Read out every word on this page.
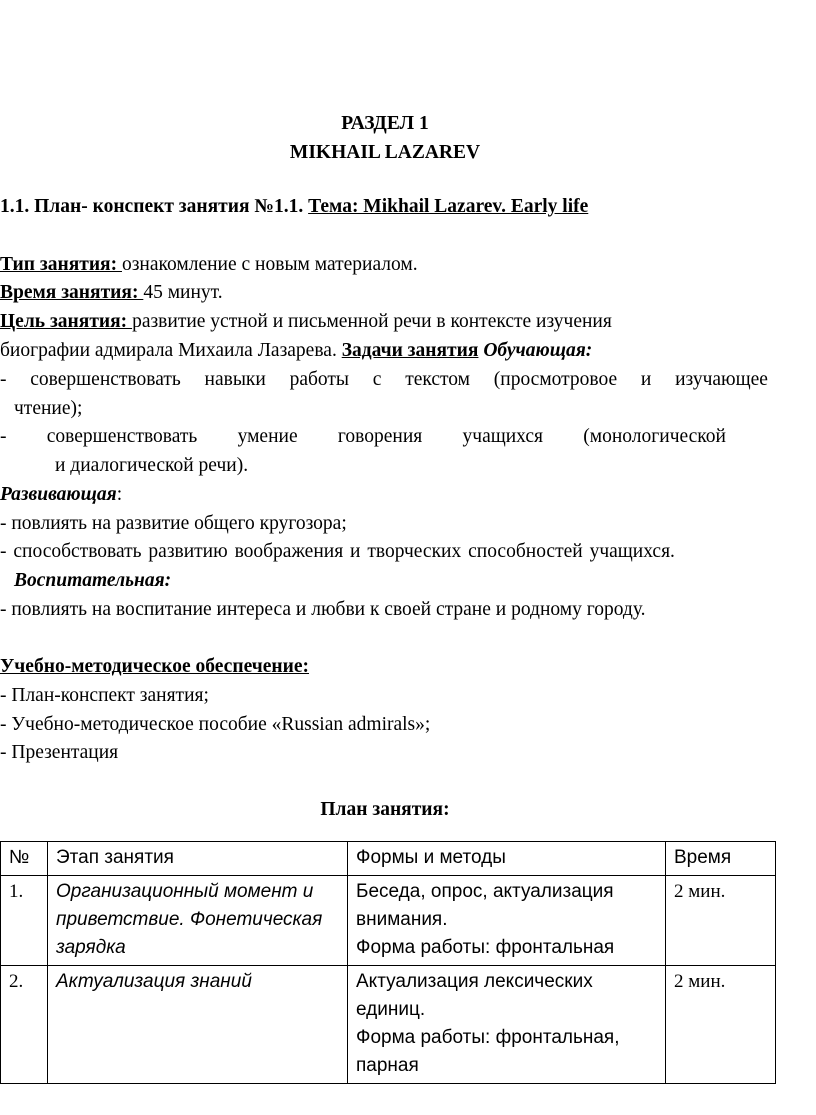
РАЗДЕЛ 1
MIKHAIL LAZAREV
1.1. План- конспект занятия №1.1. Тема: Mikhail Lazarev. Early life
Тип занятия: ознакомление с новым материалом.
Время занятия: 45 минут.
Цель занятия: развитие устной и письменной речи в контексте изучения
биографии адмирала Михаила Лазарева. Задачи занятия Обучающая:
- совершенствовать навыки работы с текстом (просмотровое и изучающее
чтение);
- совершенствовать умение говорения учащихся (монологической
и диалогической речи).
Развивающая:
- повлиять на развитие общего кругозора;
- способствовать развитию воображения и творческих способностей учащихся.
Воспитательная:
- повлиять на воспитание интереса и любви к своей стране и родному городу.
Учебно-методическое обеспечение:
- План-конспект занятия;
- Учебно-методическое пособие «Russian admirals»;
- Презентация
План занятия:
№	Этап занятия	Формы и методы	Время
1.	Организационный момент и
приветствие. Фонетическая
зарядка	Беседа, опрос, актуализация
внимания.
Форма работы: фронтальная	2 мин.
2.	Актуализация знаний	Актуализация лексических
единиц.
Форма работы: фронтальная,
парная	2 мин.
